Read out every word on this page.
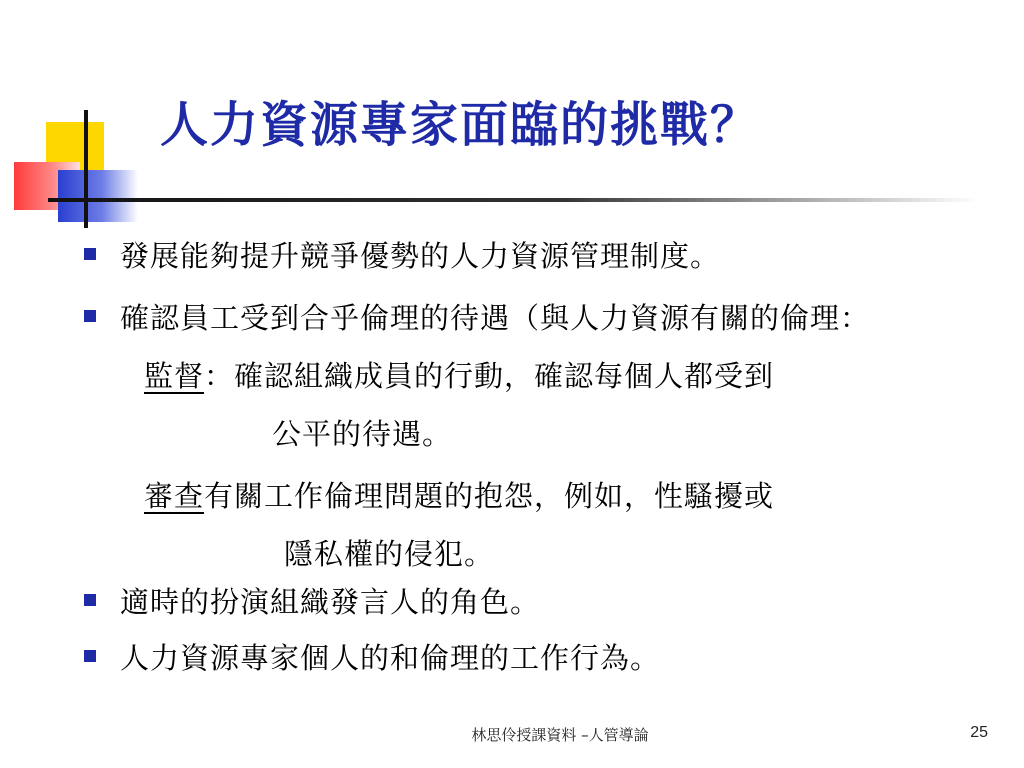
人力資源專家面臨的挑戰？
發展能夠提升競爭優勢的人力資源管理制度。
確認員工受到合乎倫理的待遇（與人力資源有關的倫理：
監督：確認組織成員的行動，確認每個人都受到
公平的待遇。
審查有關工作倫理問題的抱怨，例如，性騷擾或
隱私權的侵犯。
適時的扮演組織發言人的角色。
人力資源專家個人的和倫理的工作行為。
林思伶授課資料 –人管導論	25
